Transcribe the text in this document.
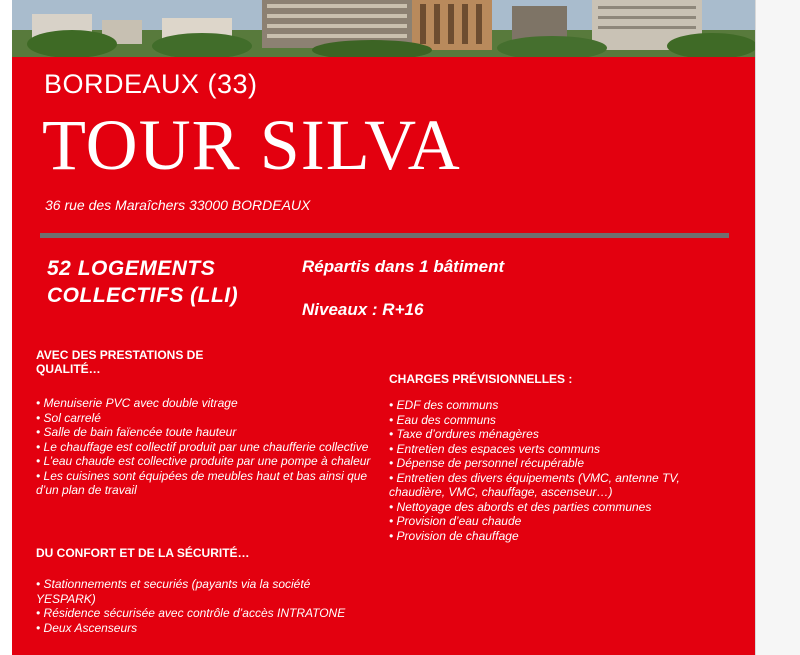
BORDEAUX (33)
TOUR SILVA
36 rue des Maraîchers 33000 BORDEAUX
52 LOGEMENTS COLLECTIFS (LLI)
Répartis dans 1 bâtiment
Niveaux : R+16
AVEC DES PRESTATIONS DE QUALITÉ…
• Menuiserie PVC avec double vitrage
• Sol carrelé
• Salle de bain faïencée toute hauteur
• Le chauffage est collectif produit par une chaufferie collective
• L’eau chaude est collective produite par une pompe à chaleur
• Les cuisines sont équipées de meubles haut et bas ainsi que d’un plan de travail
DU CONFORT ET DE LA SÉCURITÉ…
• Stationnements et securiés (payants via la société YESPARK)
• Résidence sécurisée avec contrôle d’accès INTRATONE
• Deux Ascenseurs
CHARGES PRÉVISIONNELLES :
• EDF des communs
• Eau des communs
• Taxe d’ordures ménagères
• Entretien des espaces verts communs
• Dépense de personnel récupérable
• Entretien des divers équipements (VMC, antenne TV, chaudière, VMC, chauffage, ascenseur…)
• Nettoyage des abords et des parties communes
• Provision d’eau chaude
• Provision de chauffage
